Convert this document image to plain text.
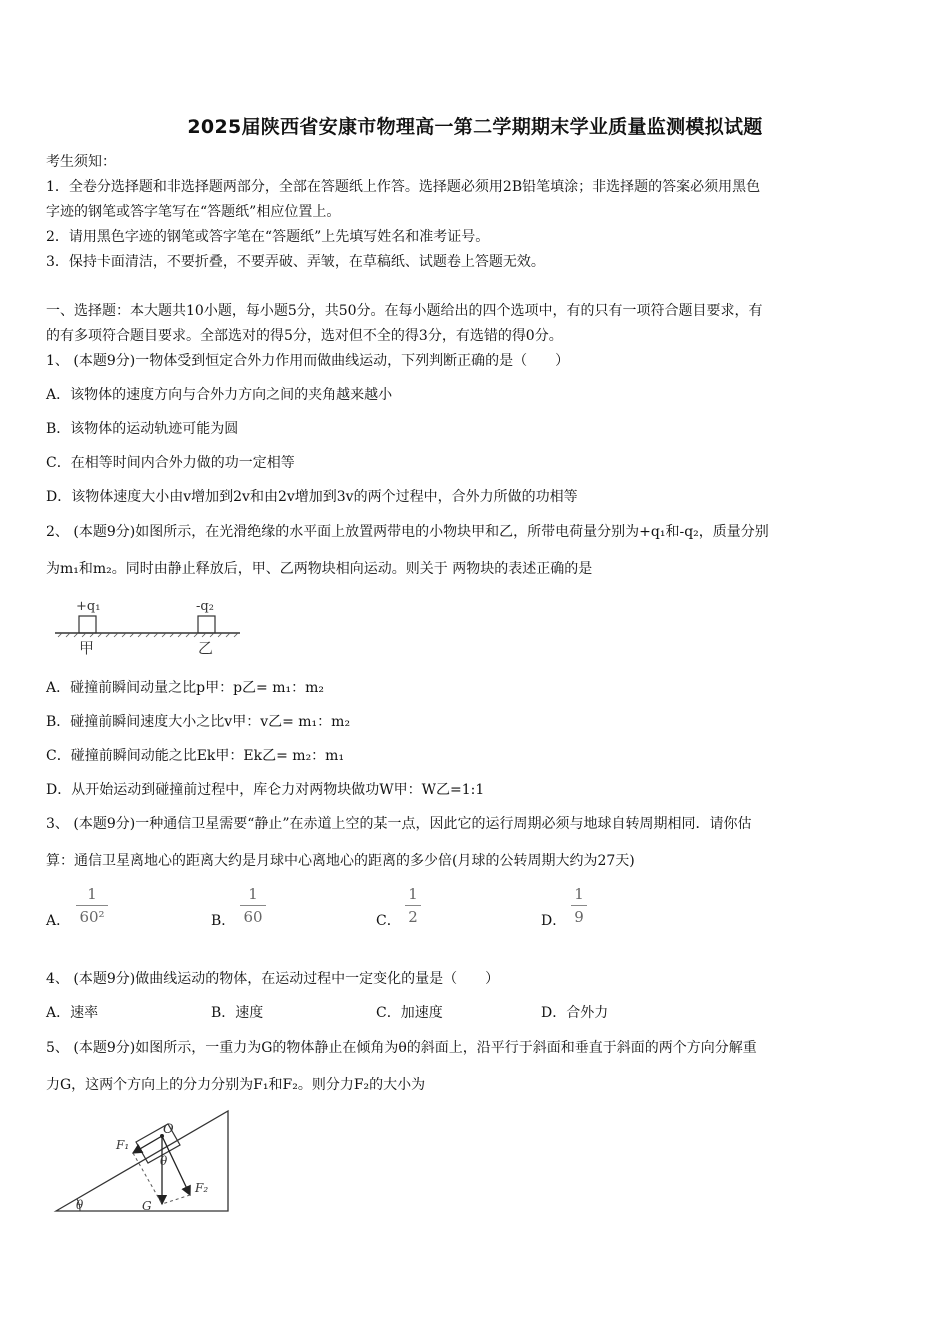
2025届陕西省安康市物理高一第二学期期末学业质量监测模拟试题
考生须知：
1．全卷分选择题和非选择题两部分，全部在答题纸上作答。选择题必须用2B铅笔填涂；非选择题的答案必须用黑色
字迹的钢笔或答字笔写在“答题纸”相应位置上。
2．请用黑色字迹的钢笔或答字笔在“答题纸”上先填写姓名和准考证号。
3．保持卡面清洁，不要折叠，不要弄破、弄皱，在草稿纸、试题卷上答题无效。
一、选择题：本大题共10小题，每小题5分，共50分。在每小题给出的四个选项中，有的只有一项符合题目要求，有
的有多项符合题目要求。全部选对的得5分，选对但不全的得3分，有选错的得0分。
1、 (本题9分)一物体受到恒定合外力作用而做曲线运动，下列判断正确的是（　　）
A．该物体的速度方向与合外力方向之间的夹角越来越小
B．该物体的运动轨迹可能为圆
C．在相等时间内合外力做的功一定相等
D．该物体速度大小由v增加到2v和由2v增加到3v的两个过程中，合外力所做的功相等
2、 (本题9分)如图所示，在光滑绝缘的水平面上放置两带电的小物块甲和乙，所带电荷量分别为+q₁和-q₂，质量分别
为m₁和m₂。同时由静止释放后，甲、乙两物块相向运动。则关于 两物块的表述正确的是
+q₁	-q₂
甲	乙
A．碰撞前瞬间动量之比p甲：p乙= m₁：m₂
B．碰撞前瞬间速度大小之比v甲：v乙= m₁：m₂
C．碰撞前瞬间动能之比Ek甲：Ek乙= m₂：m₁
D．从开始运动到碰撞前过程中，库仑力对两物块做功W甲：W乙=1:1
3、 (本题9分)一种通信卫星需要“静止”在赤道上空的某一点，因此它的运行周期必须与地球自转周期相同．请你估
算：通信卫星离地心的距离大约是月球中心离地心的距离的多少倍(月球的公转周期大约为27天)
A．
1
60²	B．
1
60	C．
1
2	D．
1
9
4、 (本题9分)做曲线运动的物体，在运动过程中一定变化的量是（　　）
A．速率	B．速度	C．加速度	D．合外力
5、 (本题9分)如图所示，一重力为G的物体静止在倾角为θ的斜面上，沿平行于斜面和垂直于斜面的两个方向分解重
力G，这两个方向上的分力分别为F₁和F₂。则分力F₂的大小为
θ
O
θ
F₁
F₂
G
